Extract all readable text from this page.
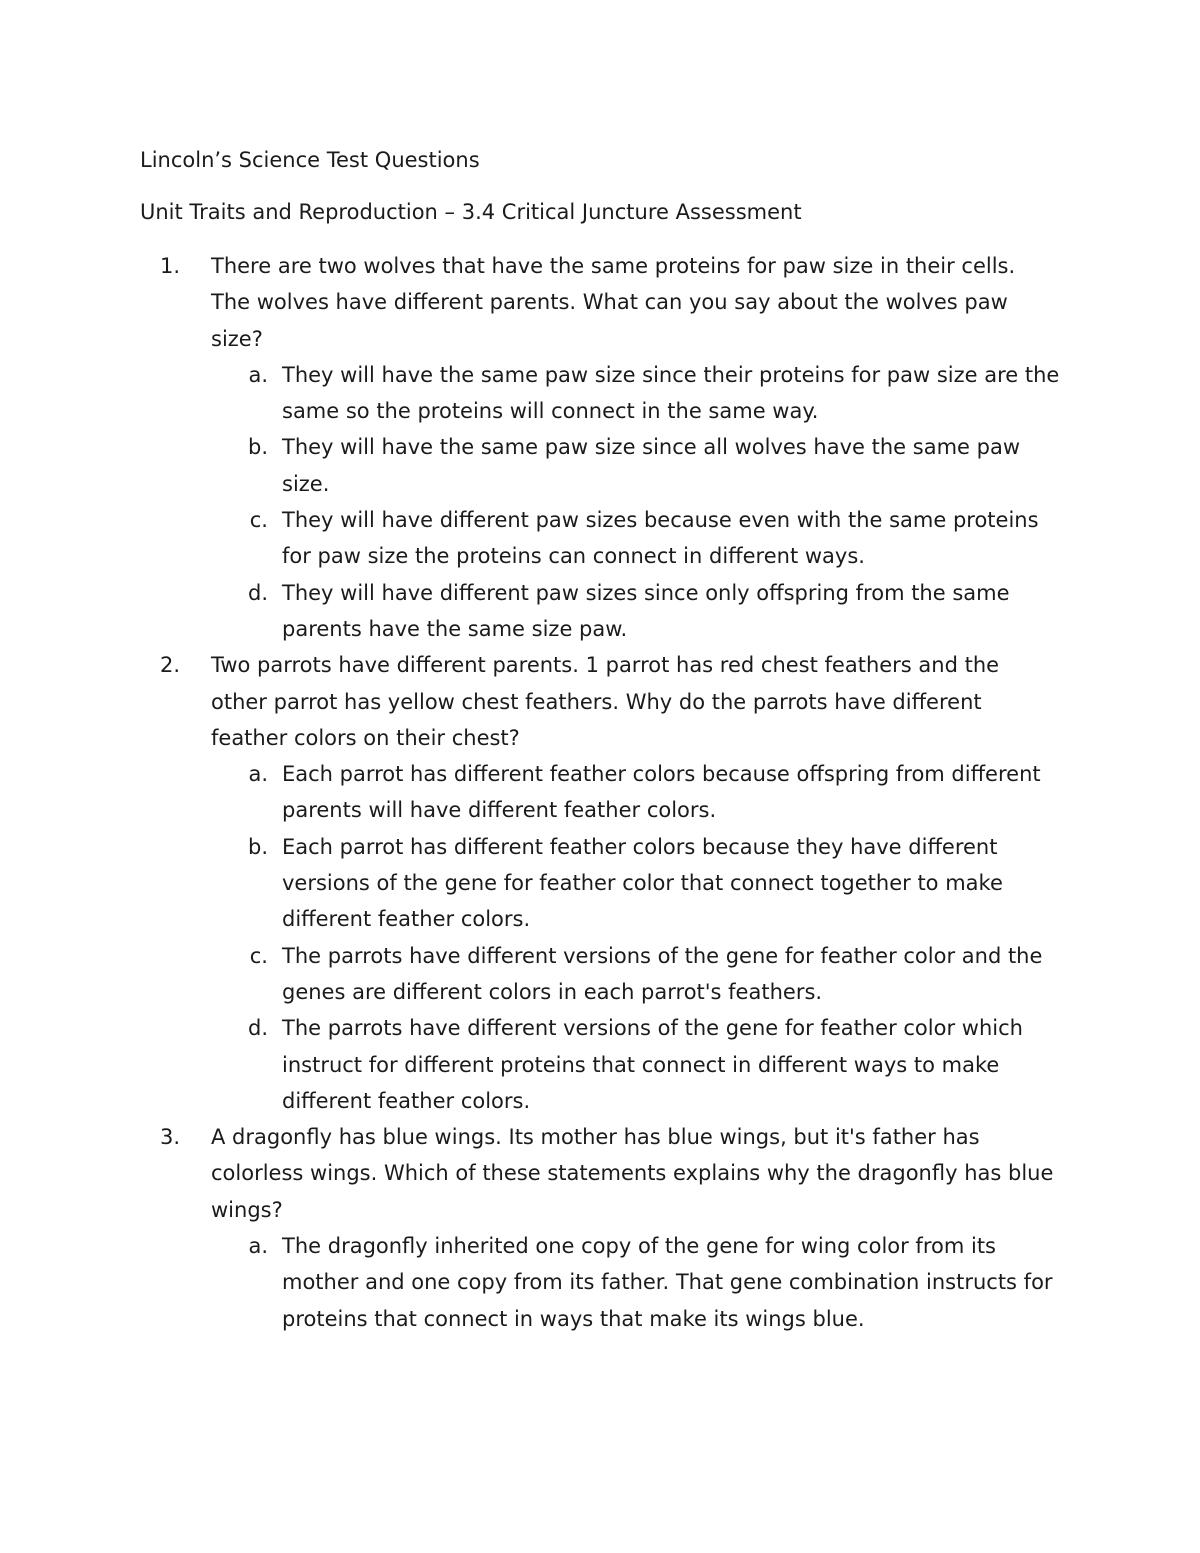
Lincoln’s Science Test Questions
Unit Traits and Reproduction – 3.4 Critical Juncture Assessment
1.	There are two wolves that have the same proteins for paw size in their cells. The wolves have different parents. What can you say about the wolves paw size?
a. They will have the same paw size since their proteins for paw size are the same so the proteins will connect in the same way.
b. They will have the same paw size since all wolves have the same paw size.
c. They will have different paw sizes because even with the same proteins for paw size the proteins can connect in different ways.
d. They will have different paw sizes since only offspring from the same parents have the same size paw.
2.	Two parrots have different parents. 1 parrot has red chest feathers and the other parrot has yellow chest feathers. Why do the parrots have different feather colors on their chest?
a. Each parrot has different feather colors because offspring from different parents will have different feather colors.
b. Each parrot has different feather colors because they have different versions of the gene for feather color that connect together to make different feather colors.
c. The parrots have different versions of the gene for feather color and the genes are different colors in each parrot's feathers.
d. The parrots have different versions of the gene for feather color which instruct for different proteins that connect in different ways to make different feather colors.
3.	A dragonfly has blue wings. Its mother has blue wings, but it's father has colorless wings. Which of these statements explains why the dragonfly has blue wings?
a. The dragonfly inherited one copy of the gene for wing color from its mother and one copy from its father. That gene combination instructs for proteins that connect in ways that make its wings blue.
